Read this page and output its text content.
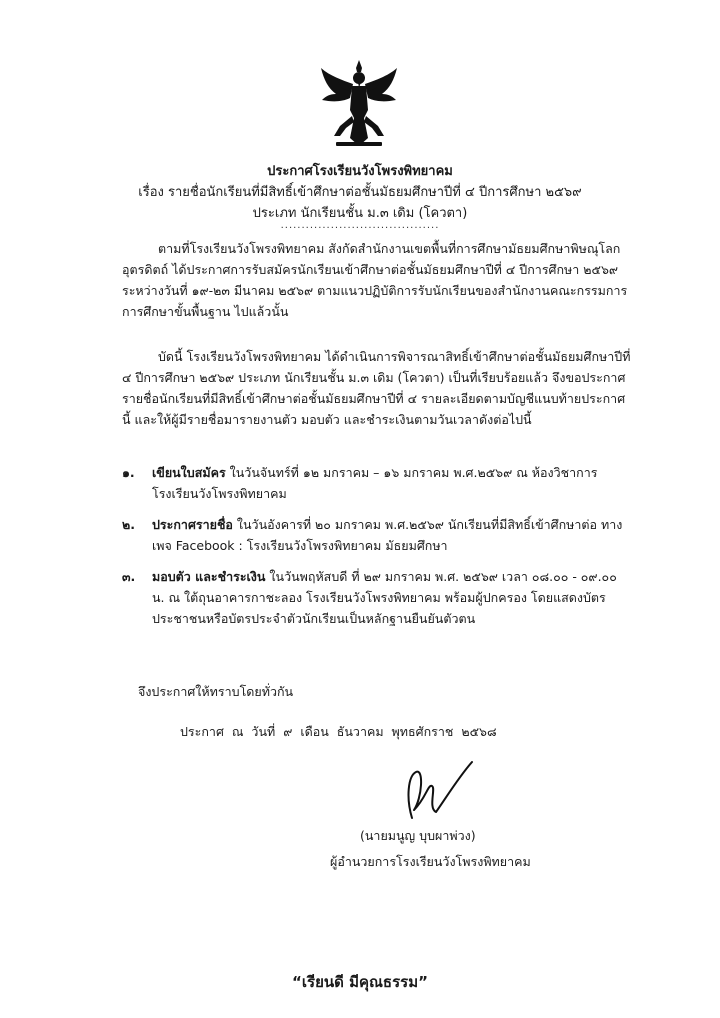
ประกาศโรงเรียนวังโพรงพิทยาคม
เรื่อง รายชื่อนักเรียนที่มีสิทธิ์เข้าศึกษาต่อชั้นมัธยมศึกษาปีที่ ๔ ปีการศึกษา ๒๕๖๙
ประเภท นักเรียนชั้น ม.๓ เดิม (โควตา)
......................................
ตามที่โรงเรียนวังโพรงพิทยาคม สังกัดสำนักงานเขตพื้นที่การศึกษามัธยมศึกษาพิษณุโลก อุตรดิตถ์ ได้ประกาศการรับสมัครนักเรียนเข้าศึกษาต่อชั้นมัธยมศึกษาปีที่ ๔ ปีการศึกษา ๒๕๖๙ ระหว่างวันที่ ๑๙-๒๓ มีนาคม ๒๕๖๙ ตามแนวปฏิบัติการรับนักเรียนของสำนักงานคณะกรรมการการศึกษาขั้นพื้นฐาน ไปแล้วนั้น
บัดนี้ โรงเรียนวังโพรงพิทยาคม ได้ดำเนินการพิจารณาสิทธิ์เข้าศึกษาต่อชั้นมัธยมศึกษาปีที่ ๔ ปีการศึกษา ๒๕๖๙ ประเภท นักเรียนชั้น ม.๓ เดิม (โควตา) เป็นที่เรียบร้อยแล้ว จึงขอประกาศรายชื่อนักเรียนที่มีสิทธิ์เข้าศึกษาต่อชั้นมัธยมศึกษาปีที่ ๔ รายละเอียดตามบัญชีแนบท้ายประกาศนี้ และให้ผู้มีรายชื่อมารายงานตัว มอบตัว และชำระเงินตามวันเวลาดังต่อไปนี้
๑. เขียนใบสมัคร ในวันจันทร์ที่ ๑๒ มกราคม – ๑๖ มกราคม พ.ศ.๒๕๖๙ ณ ห้องวิชาการ โรงเรียนวังโพรงพิทยาคม
๒. ประกาศรายชื่อ ในวันอังคารที่ ๒๐ มกราคม พ.ศ.๒๕๖๙ นักเรียนที่มีสิทธิ์เข้าศึกษาต่อ ทางเพจ Facebook : โรงเรียนวังโพรงพิทยาคม มัธยมศึกษา
๓. มอบตัว และชำระเงิน ในวันพฤหัสบดี ที่ ๒๙ มกราคม พ.ศ. ๒๕๖๙ เวลา ๐๘.๐๐ - ๐๙.๐๐ น. ณ ใต้ถุนอาคารกาชะลอง โรงเรียนวังโพรงพิทยาคม พร้อมผู้ปกครอง โดยแสดงบัตรประชาชนหรือบัตรประจำตัวนักเรียนเป็นหลักฐานยืนยันตัวตน
จึงประกาศให้ทราบโดยทั่วกัน
ประกาศ ณ วันที่ ๙ เดือน ธันวาคม พุทธศักราช ๒๕๖๘
(นายมนูญ บุบผาพ่วง)
ผู้อำนวยการโรงเรียนวังโพรงพิทยาคม
“เรียนดี มีคุณธรรม”
